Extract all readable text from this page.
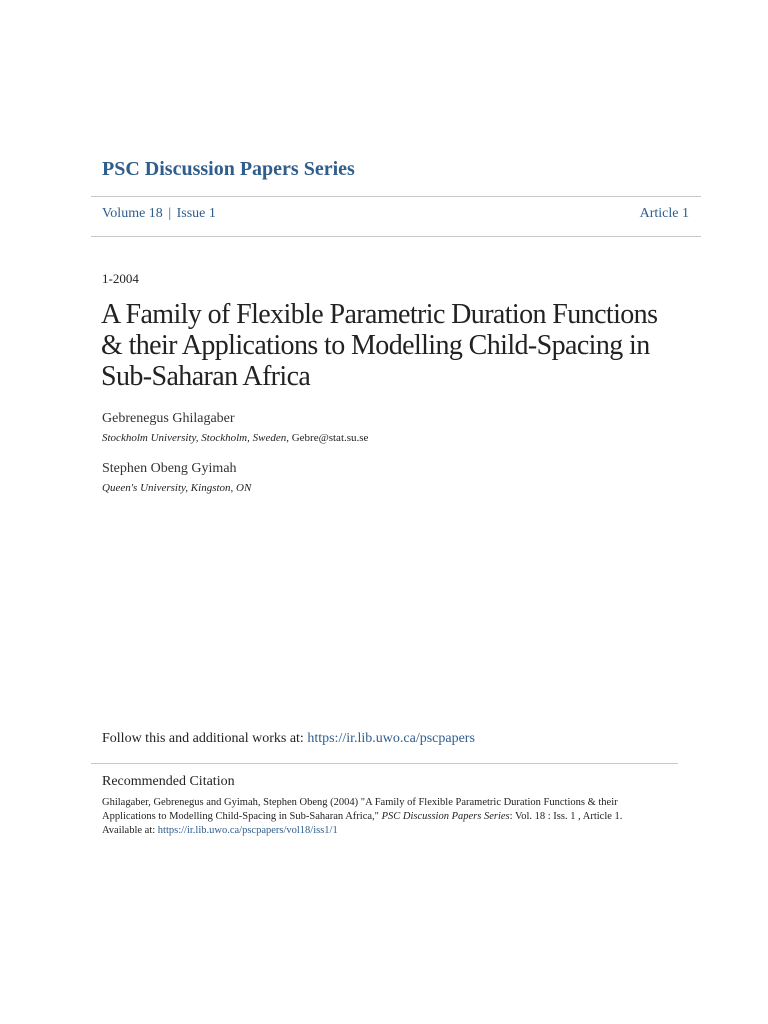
PSC Discussion Papers Series
Volume 18 | Issue 1	Article 1
1-2004
A Family of Flexible Parametric Duration Functions & their Applications to Modelling Child-Spacing in Sub-Saharan Africa
Gebrenegus Ghilagaber
Stockholm University, Stockholm, Sweden, Gebre@stat.su.se
Stephen Obeng Gyimah
Queen's University, Kingston, ON
Follow this and additional works at: https://ir.lib.uwo.ca/pscpapers
Recommended Citation
Ghilagaber, Gebrenegus and Gyimah, Stephen Obeng (2004) "A Family of Flexible Parametric Duration Functions & their Applications to Modelling Child-Spacing in Sub-Saharan Africa," PSC Discussion Papers Series: Vol. 18 : Iss. 1 , Article 1.
Available at: https://ir.lib.uwo.ca/pscpapers/vol18/iss1/1
